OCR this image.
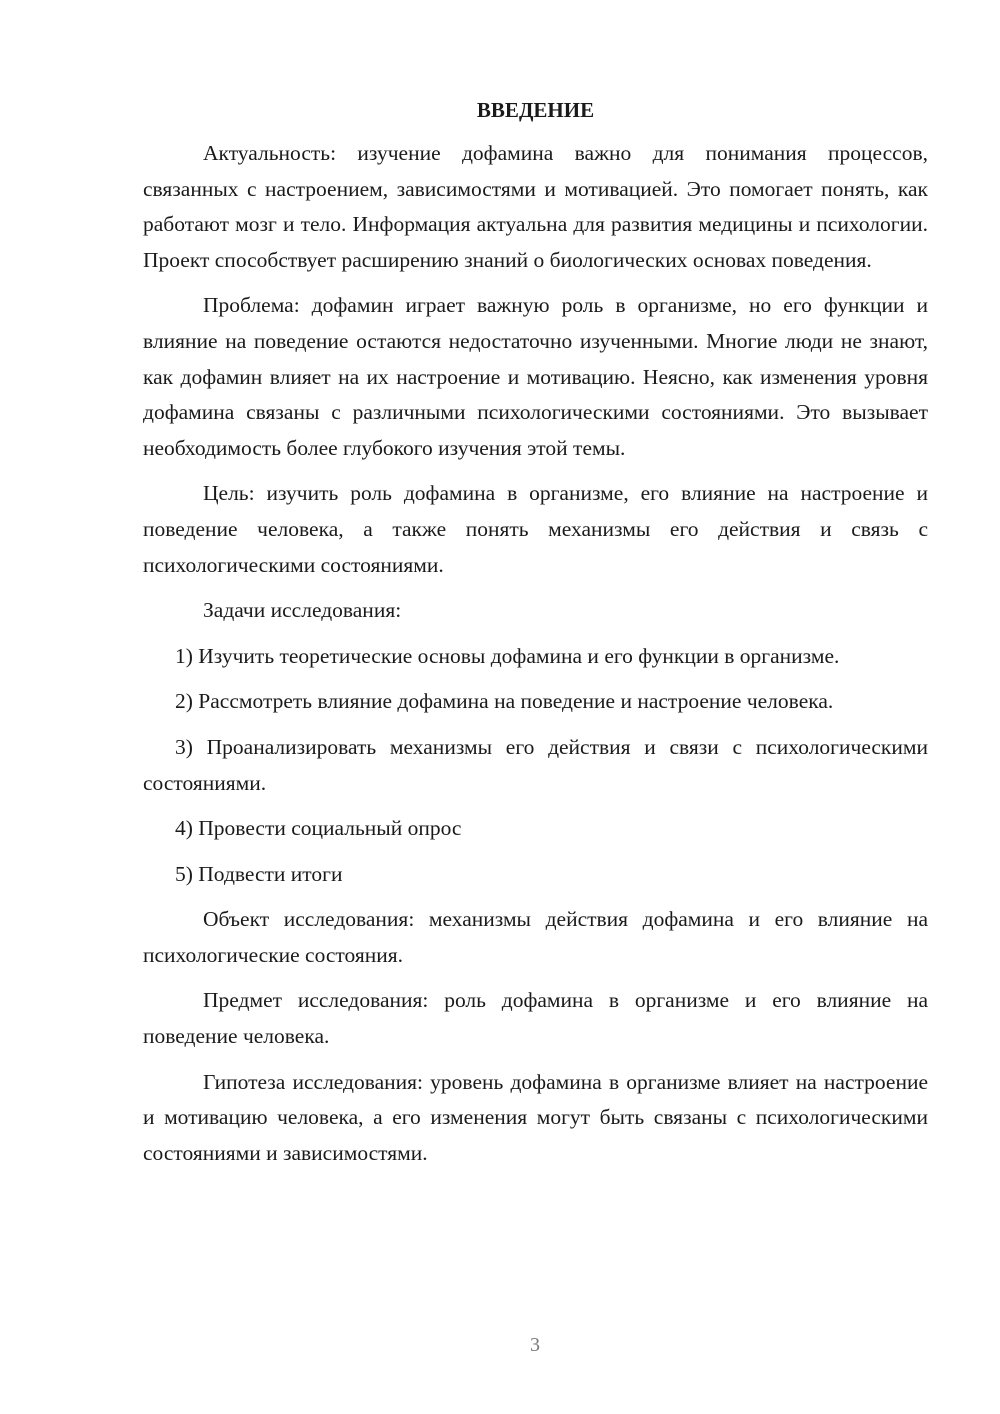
ВВЕДЕНИЕ

Актуальность: изучение дофамина важно для понимания процессов, связанных с настроением, зависимостями и мотивацией. Это помогает понять, как работают мозг и тело. Информация актуальна для развития медицины и психологии. Проект способствует расширению знаний о биологических основах поведения.

Проблема: дофамин играет важную роль в организме, но его функции и влияние на поведение остаются недостаточно изученными. Многие люди не знают, как дофамин влияет на их настроение и мотивацию. Неясно, как изменения уровня дофамина связаны с различными психологическими состояниями. Это вызывает необходимость более глубокого изучения этой темы.

Цель: изучить роль дофамина в организме, его влияние на настроение и поведение человека, а также понять механизмы его действия и связь с психологическими состояниями.

Задачи исследования:

1) Изучить теоретические основы дофамина и его функции в организме.

2) Рассмотреть влияние дофамина на поведение и настроение человека.

3) Проанализировать механизмы его действия и связи с психологическими состояниями.

4) Провести социальный опрос

5) Подвести итоги

Объект исследования: механизмы действия дофамина и его влияние на психологические состояния.

Предмет исследования: роль дофамина в организме и его влияние на поведение человека.

Гипотеза исследования: уровень дофамина в организме влияет на настроение и мотивацию человека, а его изменения могут быть связаны с психологическими состояниями и зависимостями.

3
